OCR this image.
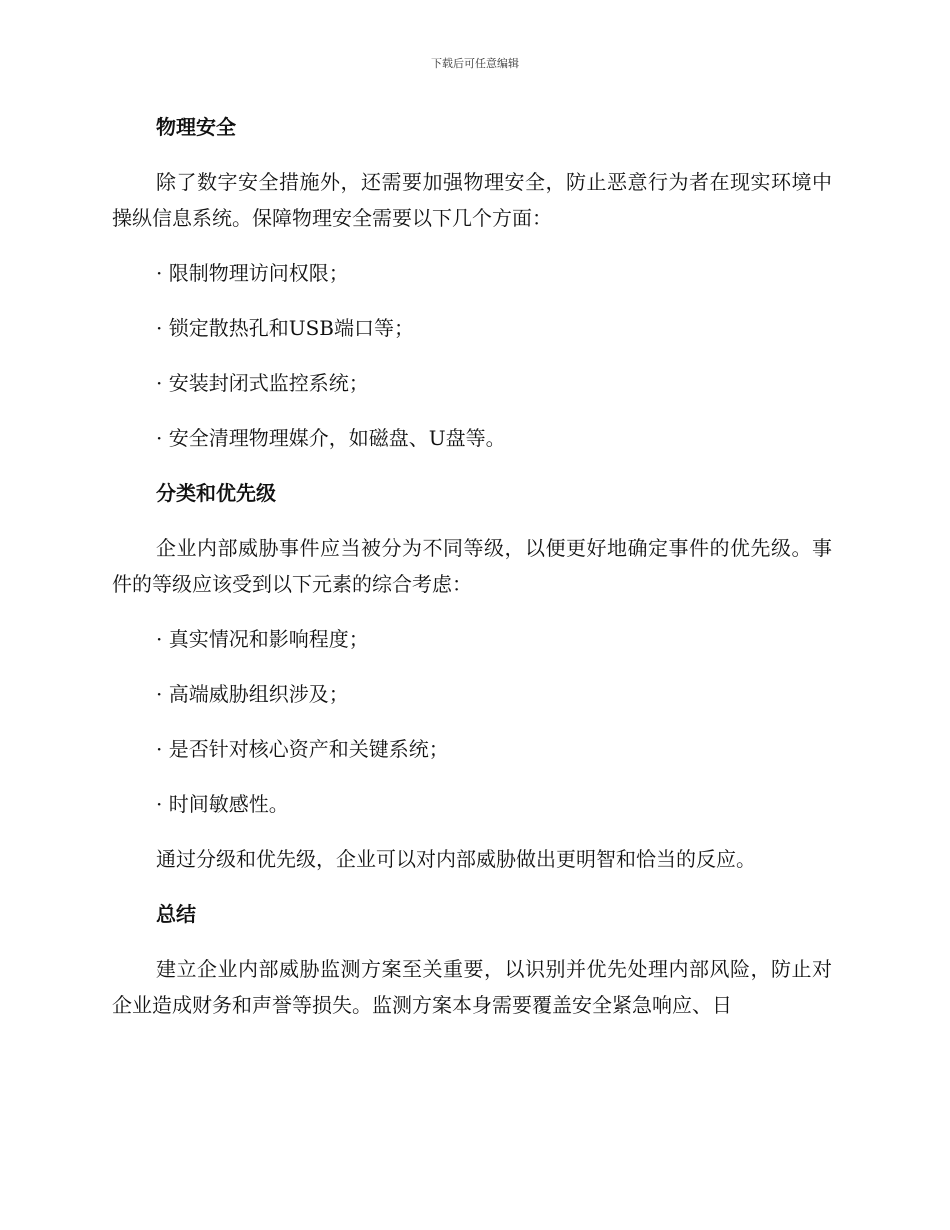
下载后可任意编辑
物理安全

除了数字安全措施外，还需要加强物理安全，防止恶意行为者在现实环境中操纵信息系统。保障物理安全需要以下几个方面：

· 限制物理访问权限；
· 锁定散热孔和USB端口等；
· 安装封闭式监控系统；
· 安全清理物理媒介，如磁盘、U盘等。
分类和优先级

企业内部威胁事件应当被分为不同等级，以便更好地确定事件的优先级。事件的等级应该受到以下元素的综合考虑：

· 真实情况和影响程度；
· 高端威胁组织涉及；
· 是否针对核心资产和关键系统；
· 时间敏感性。

通过分级和优先级，企业可以对内部威胁做出更明智和恰当的反应。

总结

建立企业内部威胁监测方案至关重要，以识别并优先处理内部风险，防止对企业造成财务和声誉等损失。监测方案本身需要覆盖安全紧急响应、日
